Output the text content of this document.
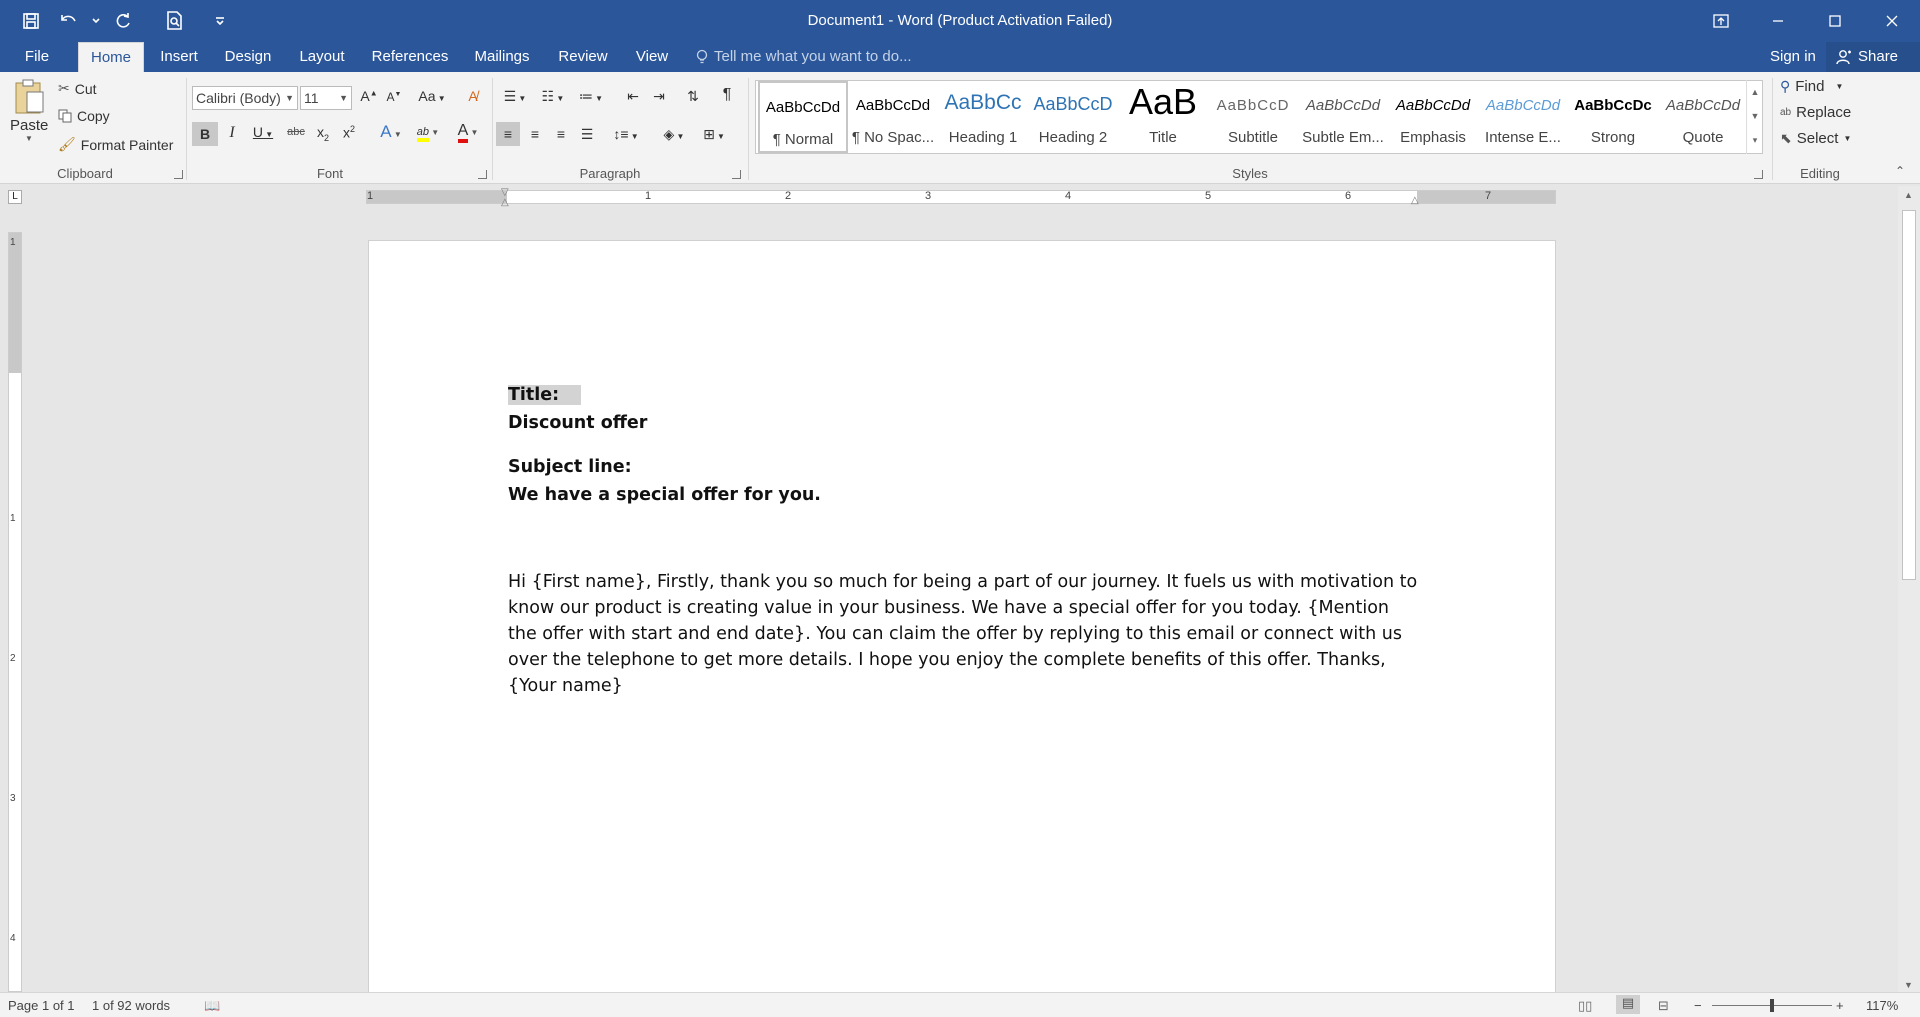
Document1 - Word (Product Activation Failed)
File	Home	Insert	Design	Layout	References	Mailings	Review	View	Tell me what you want to do...	Sign in	Share
Paste
▼
✂ Cut
Copy
🖌 Format Painter
Clipboard
Calibri (Body) ▼ 11 ▼ A▲ A▼	Aa ▼	A̸
B	I	U ▼	abc $x_2$ $x^2$ A ▼	ab ▼	A ▼
Font
☰ ▼	☷ ▼	≔ ▼	⇤	⇥	⇅	¶
≡	≡	≡	☰	↕≡ ▼	◈ ▼	⊞ ▼
Paragraph
AaBbCcDd
¶ Normal
AaBbCcDd
¶ No Spac...
AaBbCc
Heading 1
AaBbCcD
Heading 2
AaB
Title
AaBbCcD
Subtitle
AaBbCcDd
Subtle Em...
AaBbCcDd
Emphasis
AaBbCcDd
Intense E...
AaBbCcDc
Strong
AaBbCcDd
Quote
▲
▼
▾
Styles
⚲ Find ▼
ab Replace
⬉ Select ▼
Editing	⌃
L	1	1	2	3	4	5	6	7
▽
△	△
1
1
2
3
4
Title:
Discount offer
Subject line:
We have a special offer for you.
Hi {First name}, Firstly, thank you so much for being a part of our journey. It fuels us with motivation to know our product is creating value in your business. We have a special offer for you today. {Mention the offer with start and end date}. You can claim the offer by replying to this email or connect with us over the telephone to get more details. I hope you enjoy the complete benefits of this offer. Thanks, {Your name}
▲
▼
Page 1 of 1 1 of 92 words	📖	▯▯	▤	⊟ −	+ 117%
